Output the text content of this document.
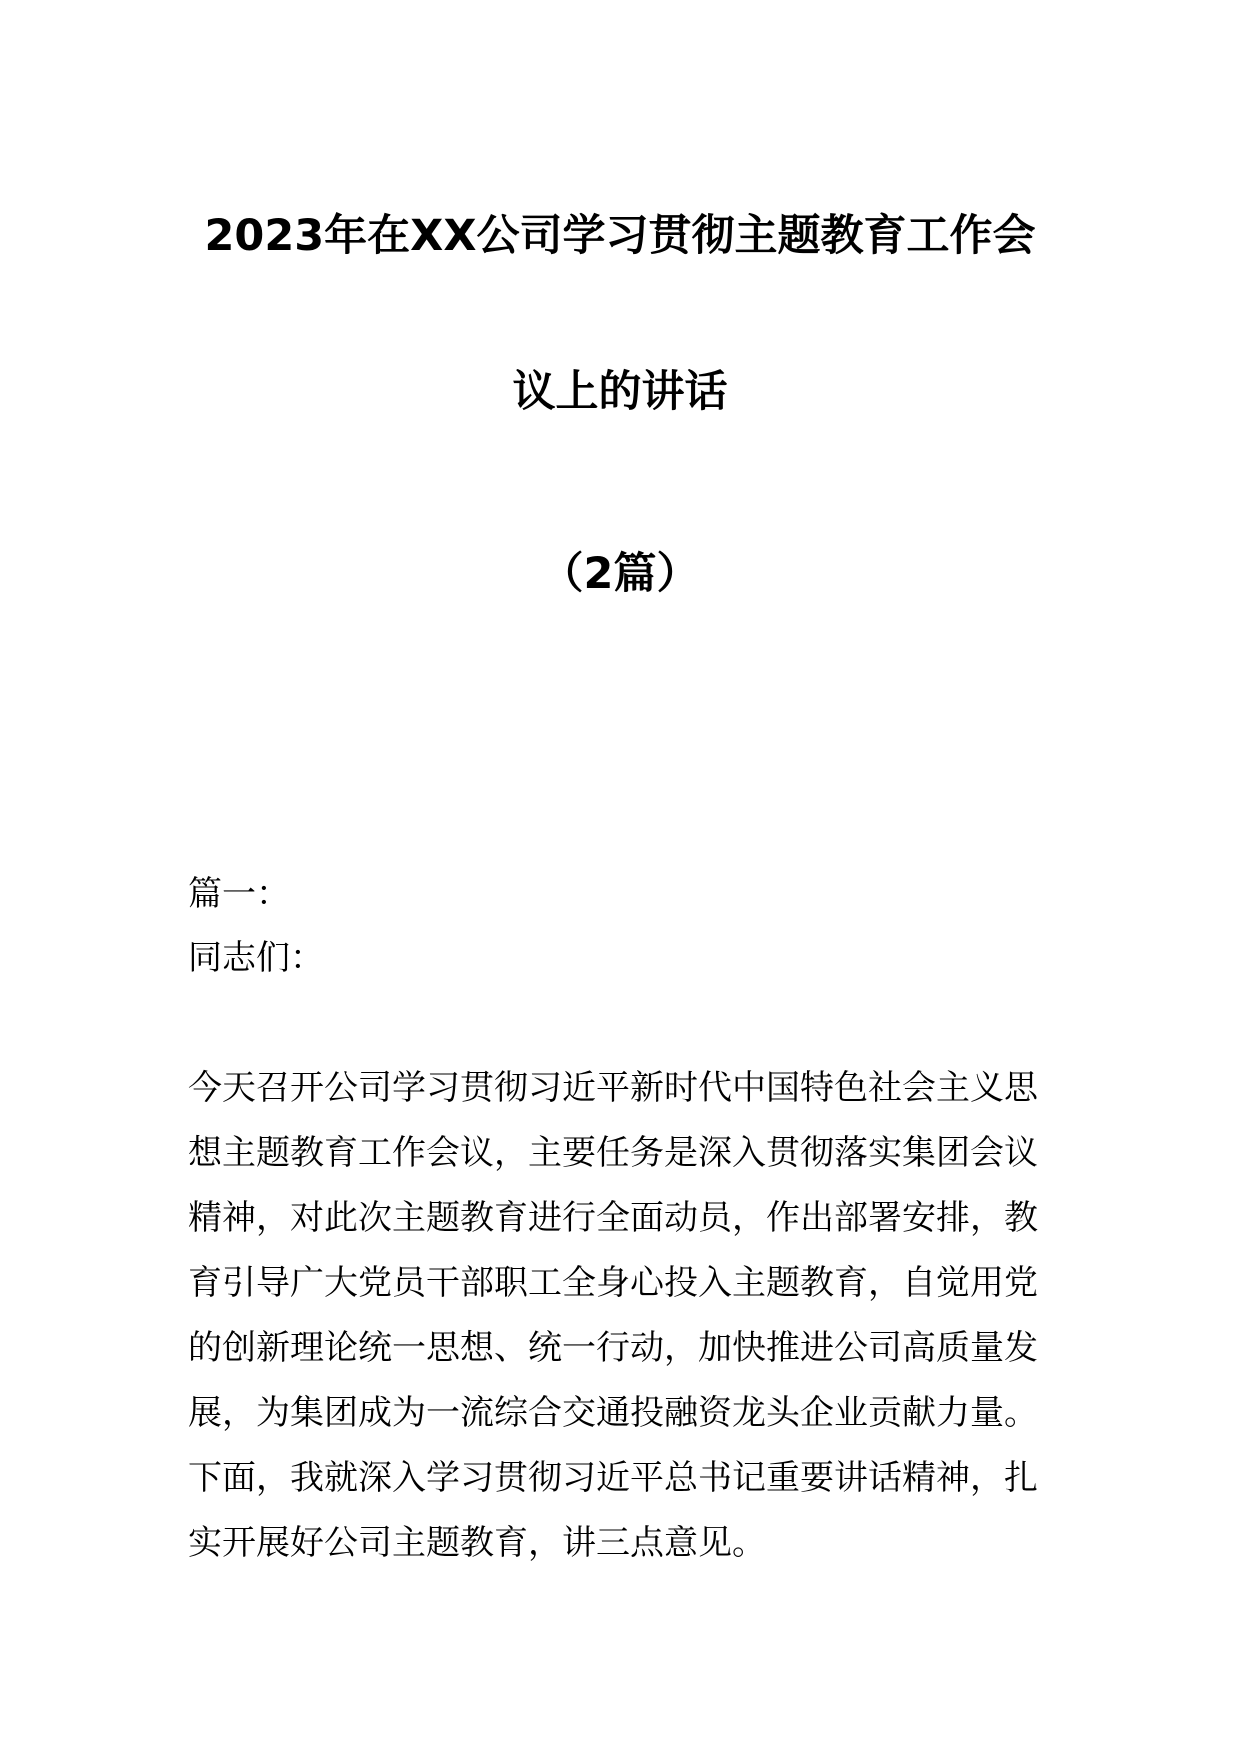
2023年在XX公司学习贯彻主题教育工作会
议上的讲话
（2篇）
篇一：
同志们：
今天召开公司学习贯彻习近平新时代中国特色社会主义思
想主题教育工作会议，主要任务是深入贯彻落实集团会议
精神，对此次主题教育进行全面动员，作出部署安排，教
育引导广大党员干部职工全身心投入主题教育，自觉用党
的创新理论统一思想、统一行动，加快推进公司高质量发
展，为集团成为一流综合交通投融资龙头企业贡献力量。
下面，我就深入学习贯彻习近平总书记重要讲话精神，扎
实开展好公司主题教育，讲三点意见。
